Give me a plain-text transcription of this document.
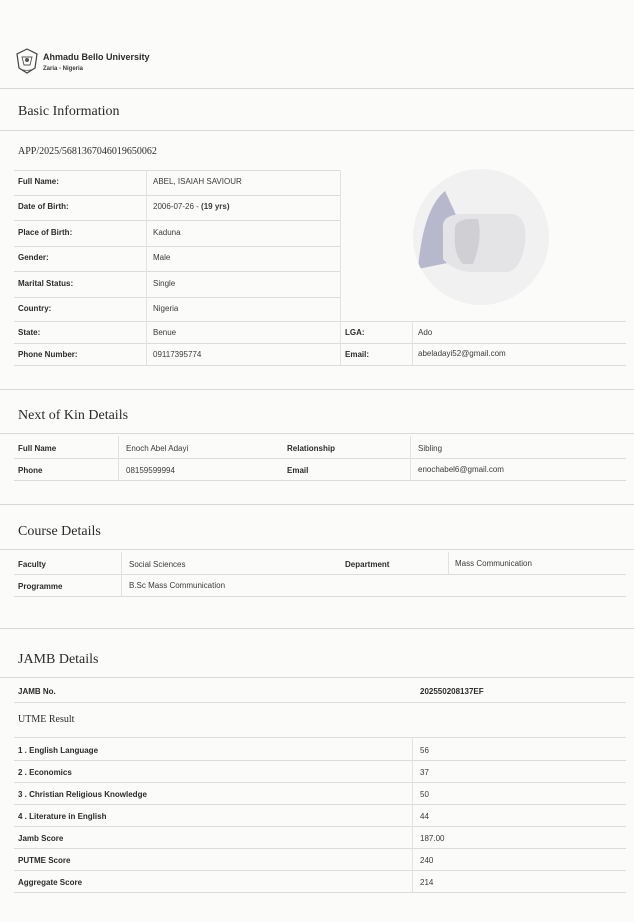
Ahmadu Bello University
Zaria - Nigeria
Basic Information
APP/2025/5681367046019650062
Full Name:	ABEL, ISAIAH SAVIOUR
Date of Birth:	2006-07-26 - (19 yrs)
Place of Birth:	Kaduna
Gender:	Male
Marital Status:	Single
Country:	Nigeria
State:	Benue	LGA:	Ado
Phone Number:	09117395774	Email:	abeladayi52@gmail.com
Next of Kin Details
Full Name	Enoch Abel Adayi	Relationship	Sibling
Phone	08159599994	Email	enochabel6@gmail.com
Course Details
Faculty	Social Sciences	Department	Mass Communication
Programme	B.Sc Mass Communication
JAMB Details
JAMB No.	202550208137EF
UTME Result
1 . English Language	56
2 . Economics	37
3 . Christian Religious Knowledge	50
4 . Literature in English	44
Jamb Score	187.00
PUTME Score	240
Aggregate Score	214
